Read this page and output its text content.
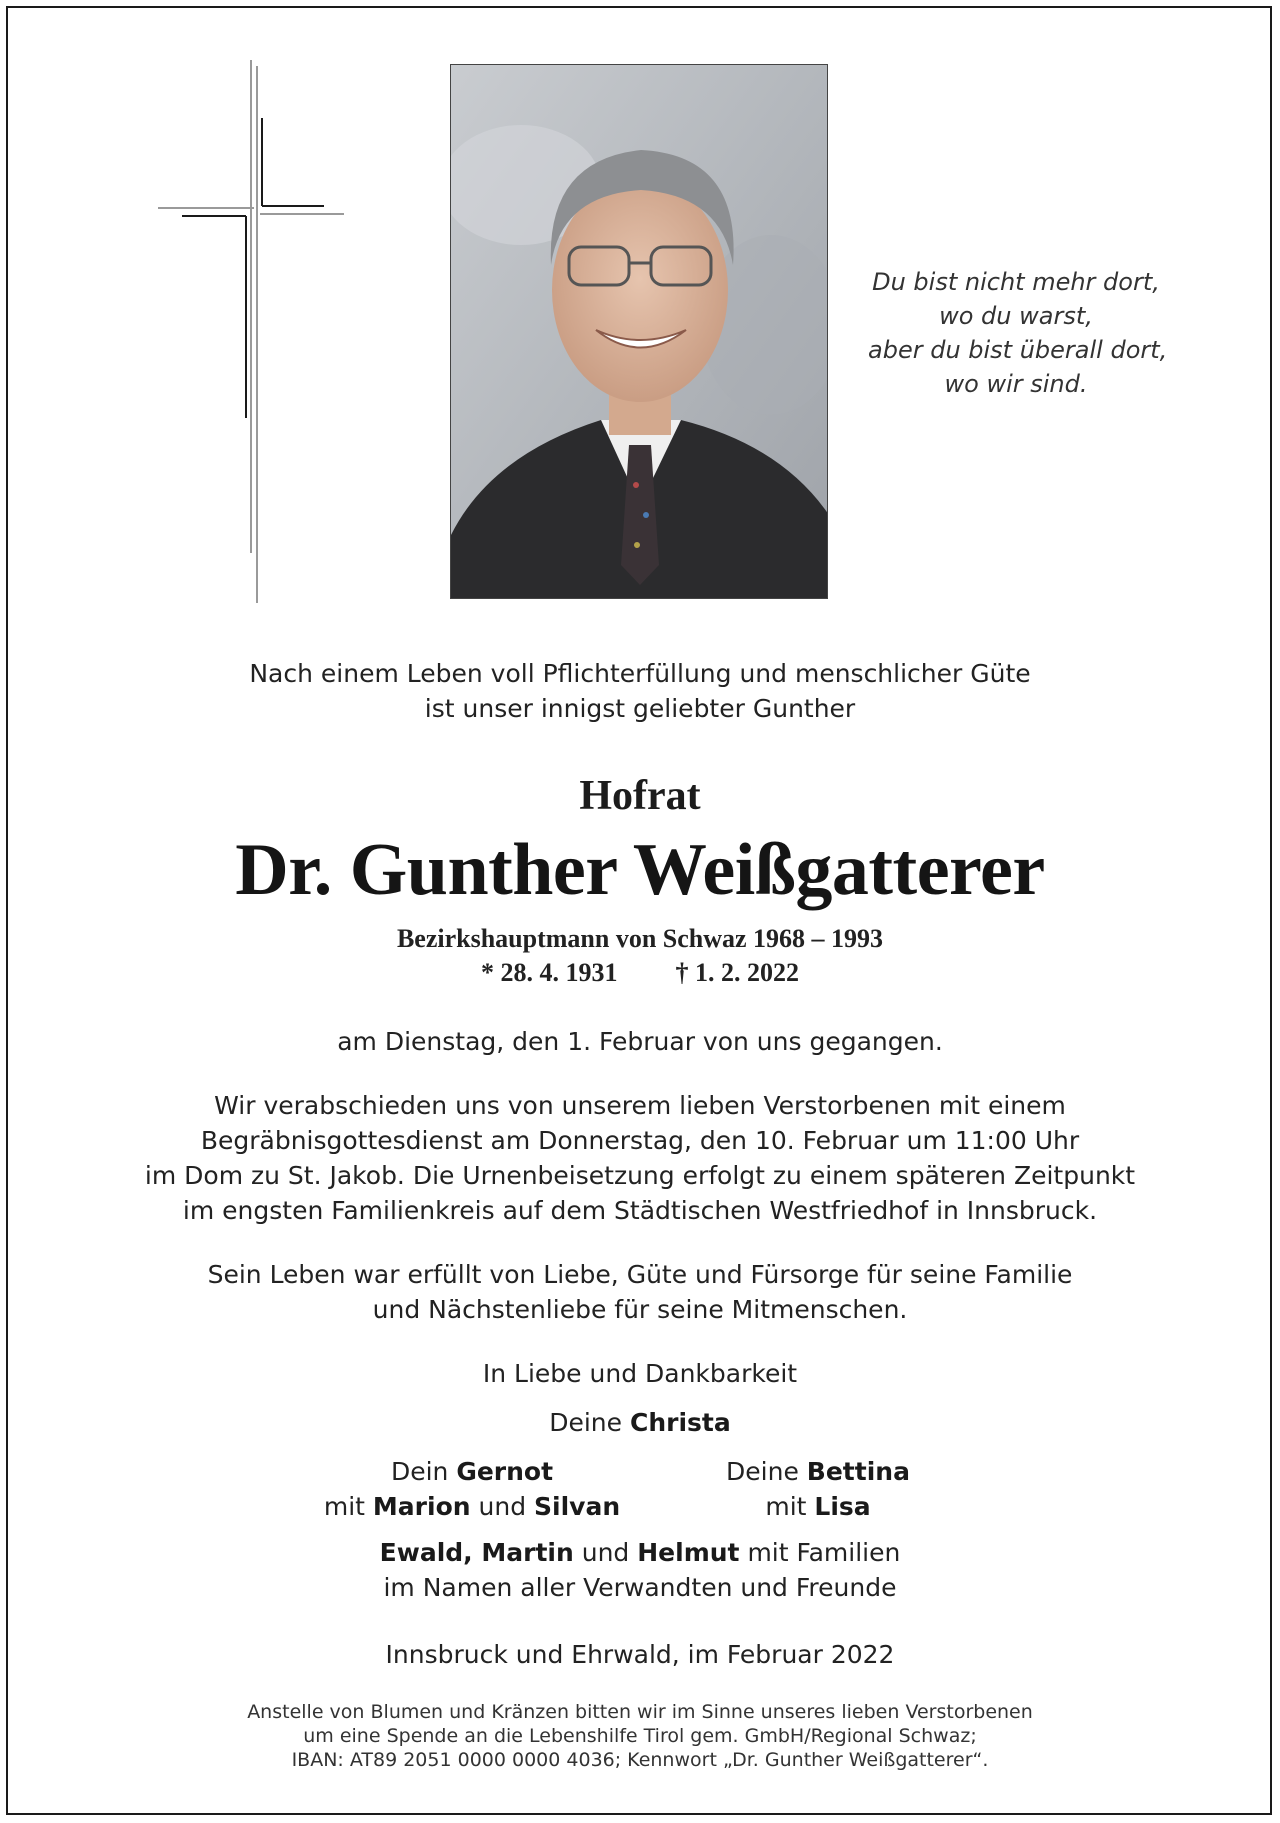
Du bist nicht mehr dort,
wo du warst,
aber du bist überall dort,
wo wir sind.
Nach einem Leben voll Pflichterfüllung und menschlicher Güte
ist unser innigst geliebter Gunther
Hofrat
Dr. Gunther Weißgatterer
Bezirkshauptmann von Schwaz 1968 – 1993
* 28. 4. 1931 † 1. 2. 2022
am Dienstag, den 1. Februar von uns gegangen.
Wir verabschieden uns von unserem lieben Verstorbenen mit einem
Begräbnisgottesdienst am Donnerstag, den 10. Februar um 11:00 Uhr
im Dom zu St. Jakob. Die Urnenbeisetzung erfolgt zu einem späteren Zeitpunkt
im engsten Familienkreis auf dem Städtischen Westfriedhof in Innsbruck.
Sein Leben war erfüllt von Liebe, Güte und Fürsorge für seine Familie
und Nächstenliebe für seine Mitmenschen.
In Liebe und Dankbarkeit
Deine Christa
Dein Gernot
mit Marion und Silvan
Deine Bettina
mit Lisa
Ewald, Martin und Helmut mit Familien
im Namen aller Verwandten und Freunde
Innsbruck und Ehrwald, im Februar 2022
Anstelle von Blumen und Kränzen bitten wir im Sinne unseres lieben Verstorbenen
um eine Spende an die Lebenshilfe Tirol gem. GmbH/Regional Schwaz;
IBAN: AT89 2051 0000 0000 4036; Kennwort „Dr. Gunther Weißgatterer“.
